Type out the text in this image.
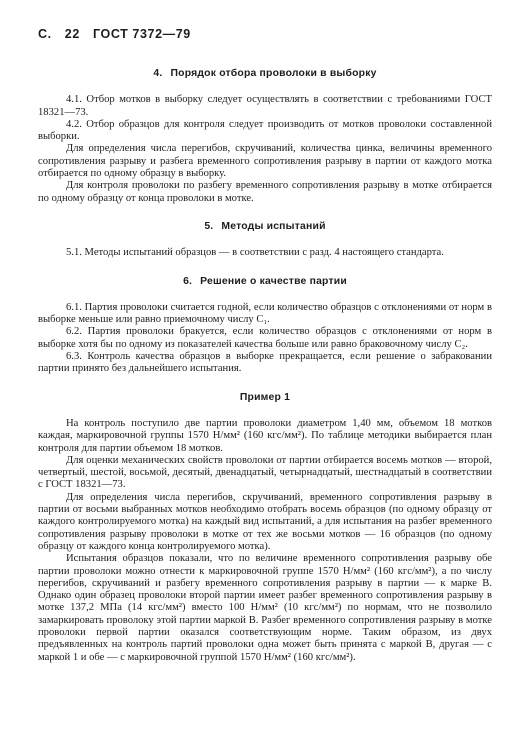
С. 22 ГОСТ 7372—79
4. Порядок отбора проволоки в выборку

4.1. Отбор мотков в выборку следует осуществлять в соответствии с требованиями ГОСТ 18321—73.

4.2. Отбор образцов для контроля следует производить от мотков проволоки составленной выборки.

Для определения числа перегибов, скручиваний, количества цинка, величины временного сопротивления разрыву и разбега временного сопротивления разрыву в партии от каждого мотка отбирается по одному образцу в выборку.

Для контроля проволоки по разбегу временного сопротивления разрыву в мотке отбирается по одному образцу от конца проволоки в мотке.

5. Методы испытаний

5.1. Методы испытаний образцов — в соответствии с разд. 4 настоящего стандарта.

6. Решение о качестве партии

6.1. Партия проволоки считается годной, если количество образцов с отклонениями от норм в выборке меньше или равно приемочному числу C₁.

6.2. Партия проволоки бракуется, если количество образцов с отклонениями от норм в выборке хотя бы по одному из показателей качества больше или равно браковочному числу C₂.

6.3. Контроль качества образцов в выборке прекращается, если решение о забраковании партии принято без дальнейшего испытания.

Пример 1

На контроль поступило две партии проволоки диаметром 1,40 мм, объемом 18 мотков каждая, маркировочной группы 1570 Н/мм² (160 кгс/мм²). По таблице методики выбирается план контроля для партии объемом 18 мотков.

Для оценки механических свойств проволоки от партии отбирается восемь мотков — второй, четвертый, шестой, восьмой, десятый, двенадцатый, четырнадцатый, шестнадцатый в соответствии с ГОСТ 18321—73.

Для определения числа перегибов, скручиваний, временного сопротивления разрыву в партии от восьми выбранных мотков необходимо отобрать восемь образцов (по одному образцу от каждого контролируемого мотка) на каждый вид испытаний, а для испытания на разбег временного сопротивления разрыву проволоки в мотке от тех же восьми мотков — 16 образцов (по одному образцу от каждого конца контролируемого мотка).

Испытания образцов показали, что по величине временного сопротивления разрыву обе партии проволоки можно отнести к маркировочной группе 1570 Н/мм² (160 кгс/мм²), а по числу перегибов, скручиваний и разбегу временного сопротивления разрыву в партии — к марке В. Однако один образец проволоки второй партии имеет разбег временного сопротивления разрыву в мотке 137,2 МПа (14 кгс/мм²) вместо 100 Н/мм² (10 кгс/мм²) по нормам, что не позволило замаркировать проволоку этой партии маркой В. Разбег временного сопротивления разрыву в мотке проволоки первой партии оказался соответствующим норме. Таким образом, из двух предъявленных на контроль партий проволоки одна может быть принята с маркой В, другая — с маркой 1 и обе — с маркировочной группой 1570 Н/мм² (160 кгс/мм²).
